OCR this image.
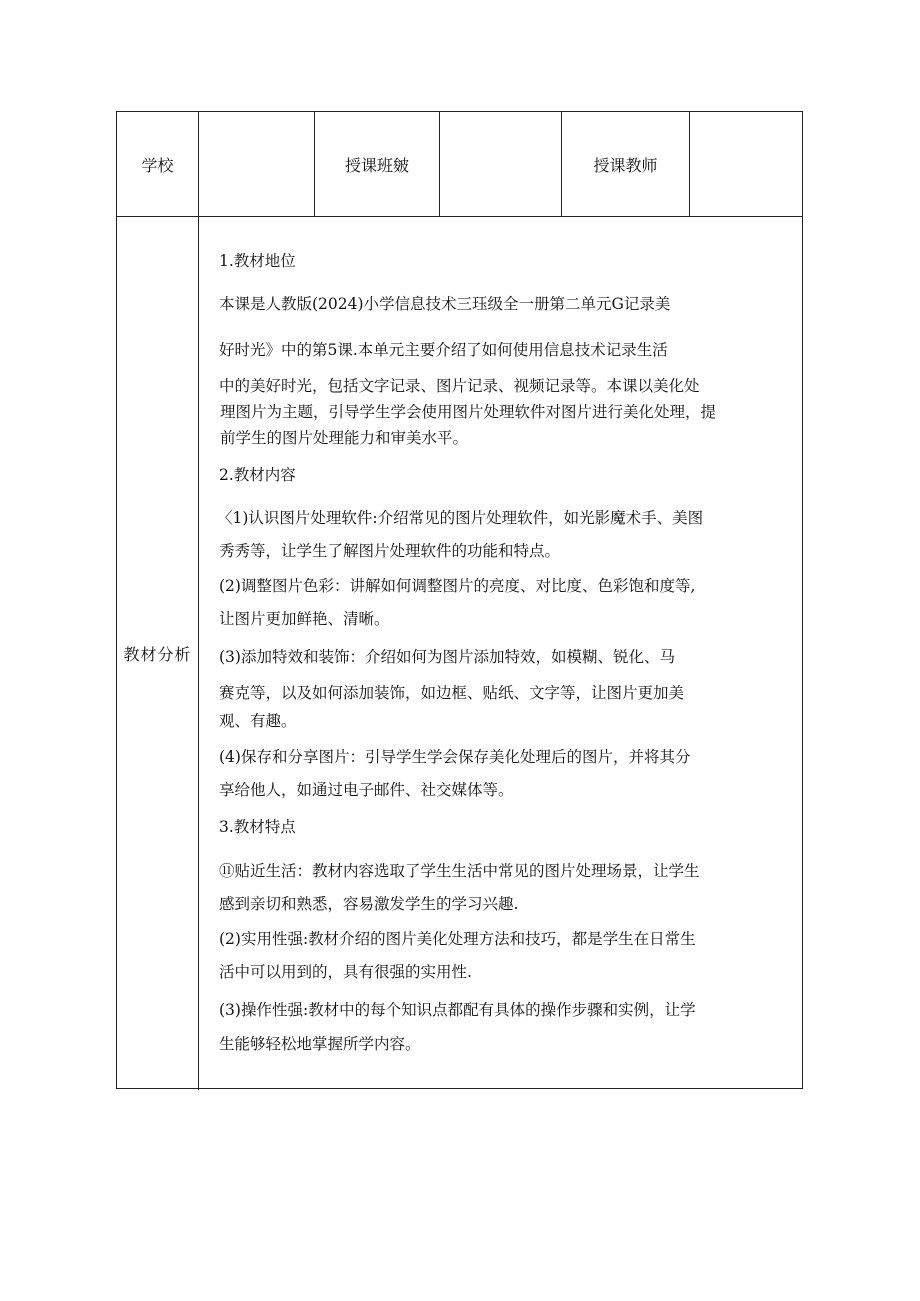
学校	授课班皴	授课教师
教材分析
1.教材地位
本课是人教版(2024)小学信息技术三珏级全一册第二单元G记录美
好时光》中的第5课.本单元主要介绍了如何使用信息技术记录生活
中的美好时光，包括文字记录、图片记录、视频记录等。本课以美化处
理图片为主题，引导学生学会使用图片处理软件对图片进行美化处理，提
前学生的图片处理能力和审美水平。
2.教材内容
〈1)认识图片处理软件:介绍常见的图片处理软件，如光影魔术手、美图
秀秀等，让学生了解图片处理软件的功能和特点。
(2)调整图片色彩：讲解如何调整图片的亮度、对比度、色彩饱和度等,
让图片更加鲜艳、清晰。
(3)添加特效和装饰：介绍如何为图片添加特效，如模糊、锐化、马
赛克等，以及如何添加装饰，如边框、贴纸、文字等，让图片更加美
观、有趣。
(4)保存和分享图片：引导学生学会保存美化处理后的图片，并将其分
享给他人，如通过电子邮件、社交媒体等。
3.教材特点
⑪贴近生活：教材内容选取了学生生活中常见的图片处理场景，让学生
感到亲切和熟悉，容易激发学生的学习兴趣.
(2)实用性强:教材介绍的图片美化处理方法和技巧，都是学生在日常生
活中可以用到的，具有很强的实用性.
(3)操作性强:教材中的每个知识点都配有具体的操作步骤和实例，让学
生能够轻松地掌握所学内容。
